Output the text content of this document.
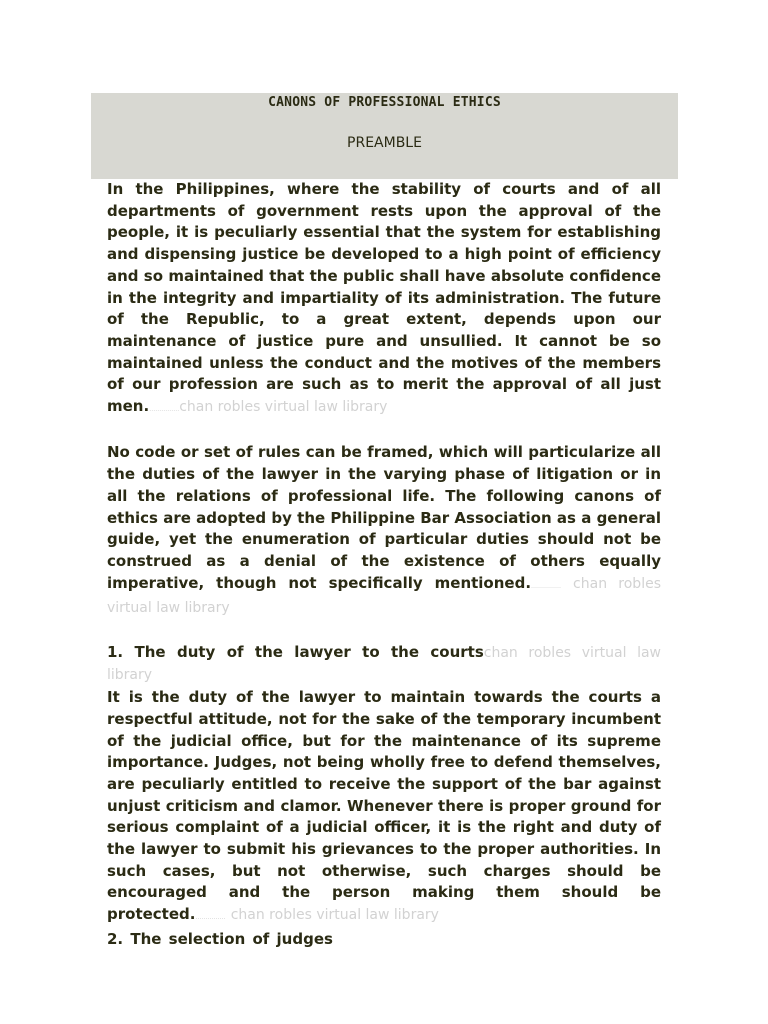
CANONS OF PROFESSIONAL ETHICS
PREAMBLE

In the Philippines, where the stability of courts and of all departments of government rests upon the approval of the people, it is peculiarly essential that the system for establishing and dispensing justice be developed to a high point of efficiency and so maintained that the public shall have absolute confidence in the integrity and impartiality of its administration. The future of the Republic, to a great extent, depends upon our maintenance of justice pure and unsullied. It cannot be so maintained unless the conduct and the motives of the members of our profession are such as to merit the approval of all just men.……………chan robles virtual law library

No code or set of rules can be framed, which will particularize all the duties of the lawyer in the varying phase of litigation or in all the relations of professional life. The following canons of ethics are adopted by the Philippine Bar Association as a general guide, yet the enumeration of particular duties should not be construed as a denial of the existence of others equally imperative, though not specifically mentioned.…………… chan robles virtual law library

1. The duty of the lawyer to the courtschan robles virtual law library

It is the duty of the lawyer to maintain towards the courts a respectful attitude, not for the sake of the temporary incumbent of the judicial office, but for the maintenance of its supreme importance. Judges, not being wholly free to defend themselves, are peculiarly entitled to receive the support of the bar against unjust criticism and clamor. Whenever there is proper ground for serious complaint of a judicial officer, it is the right and duty of the lawyer to submit his grievances to the proper authorities. In such cases, but not otherwise, such charges should be encouraged and the person making them should be protected.…………… chan robles virtual law library

2. The selection of judges
